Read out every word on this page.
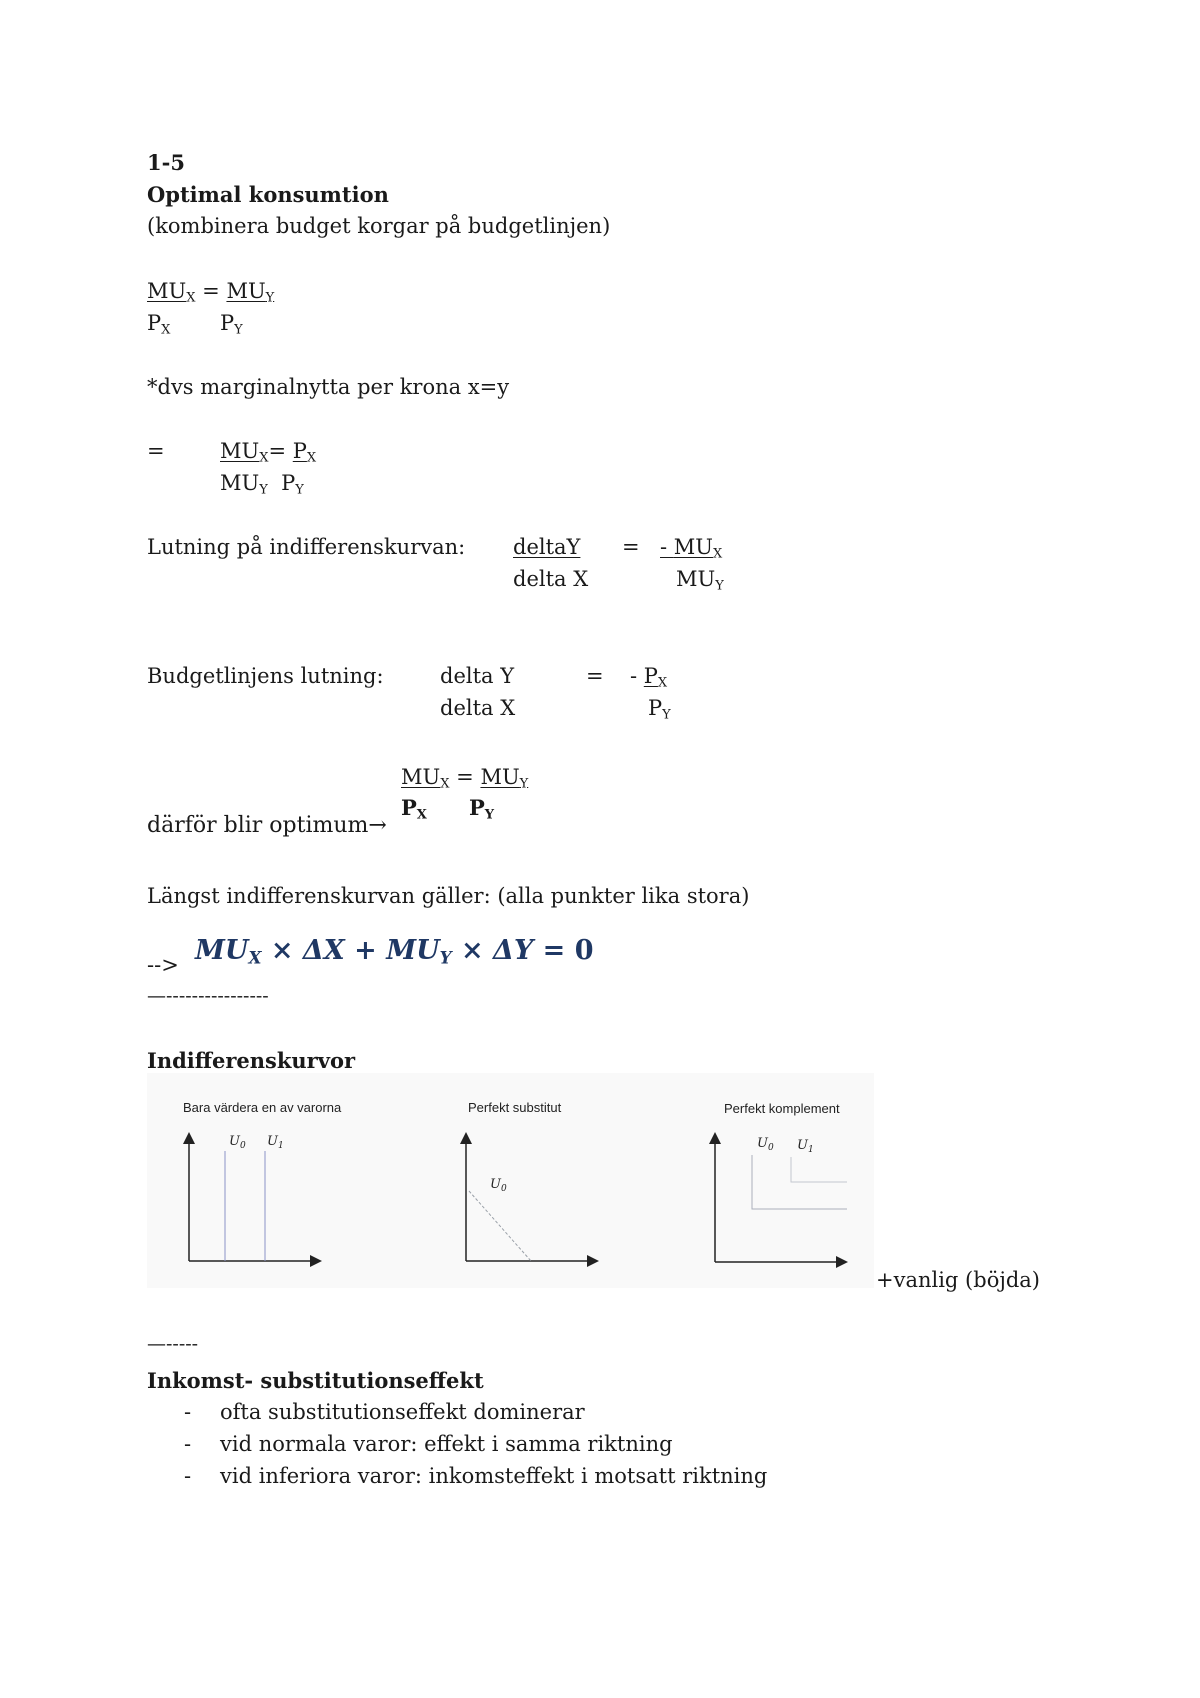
1-5
Optimal konsumtion
(kombinera budget korgar på budgetlinjen)
$MU_X = MU_Y$
$P_X$ $P_Y$
*dvs marginalnytta per krona x=y
=	$MU_X= P_X$
$MU_Y$ $P_Y$
Lutning på indifferenskurvan: deltaY
delta X
= - $MU_X$
$MU_Y$
Budgetlinjens lutning:	delta Y
delta X
= - $P_X$
$P_Y$
därför blir optimum→
$MU_X = MU_Y$
$P_X$ $P_Y$
Längst indifferenskurvan gäller: (alla punkter lika stora)
--> $MU_X \times \Delta X + MU_Y \times \Delta Y = 0$
—----------------
Indifferenskurvor
Bara värdera en av varorna
$U_0$ $U_1$
Perfekt substitut
$U_0$
Perfekt komplement
$U_0$ $U_1$
+vanlig (böjda)
—-----
Inkomst- substitutionseffekt
- ofta substitutionseffekt dominerar
- vid normala varor: effekt i samma riktning
- vid inferiora varor: inkomsteffekt i motsatt riktning
